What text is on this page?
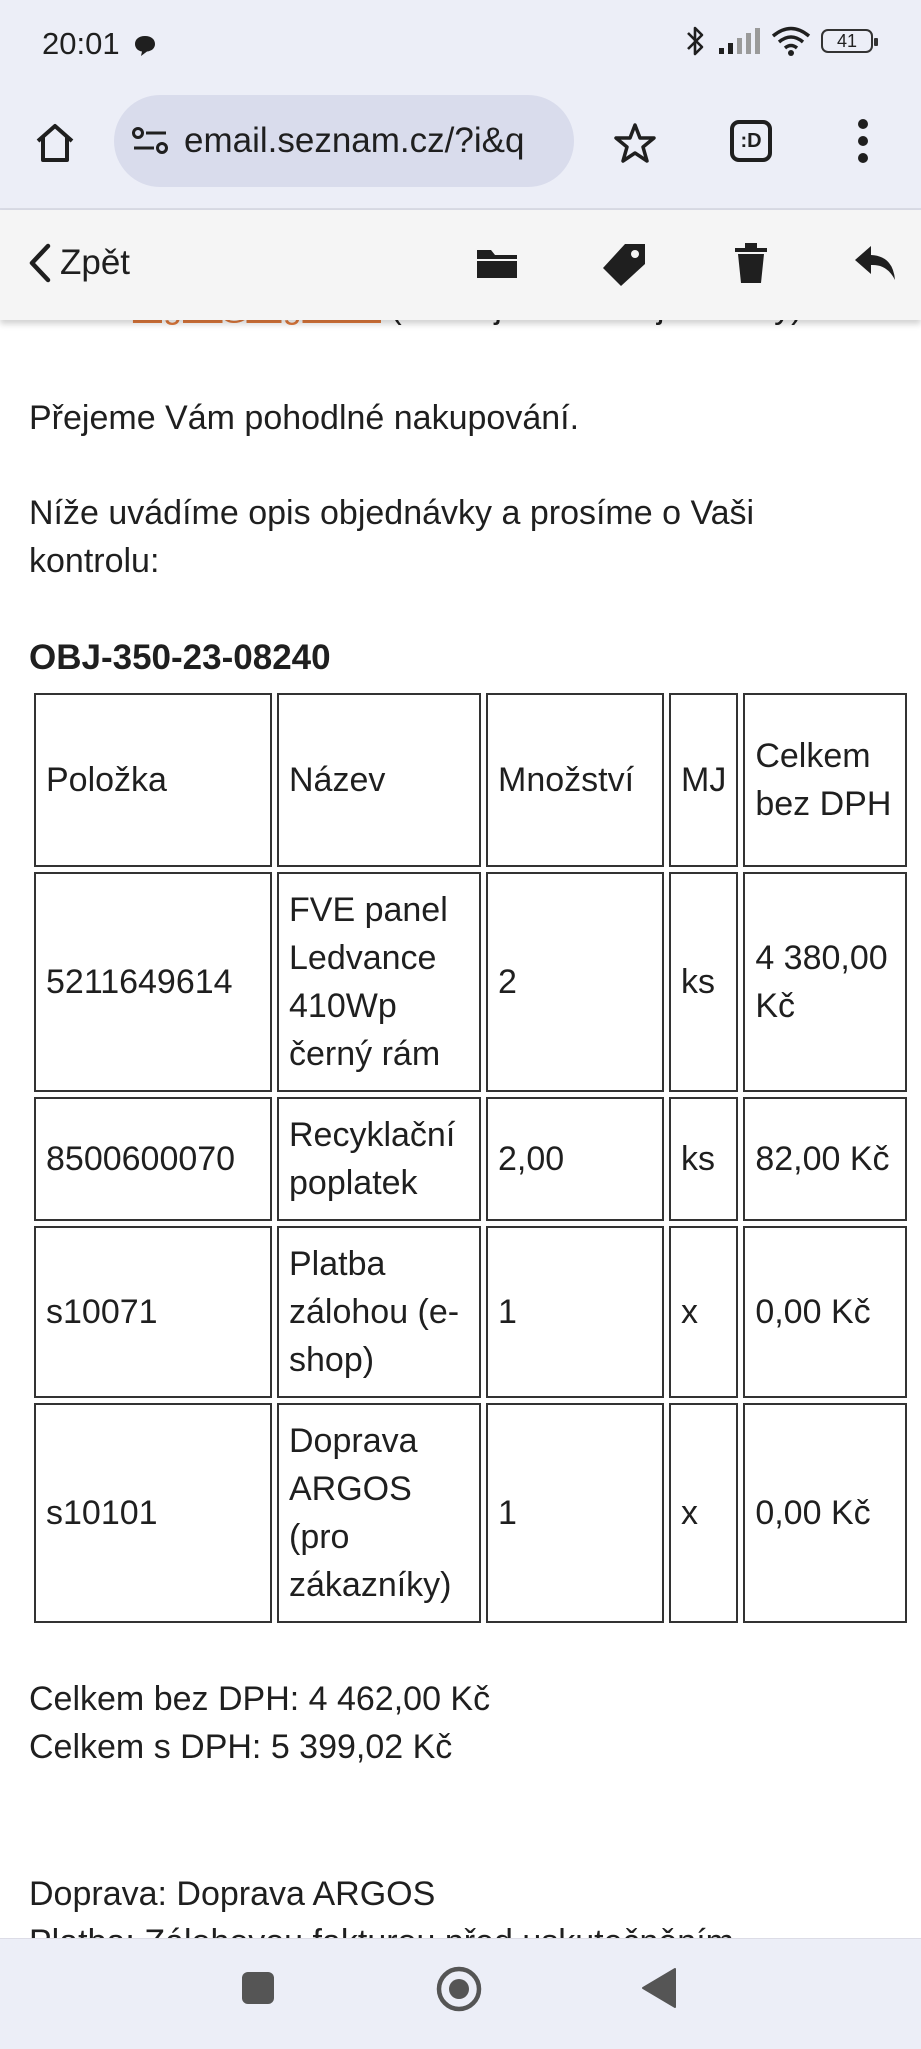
20:01	41
email.seznam.cz/?i&q	:D
Zpět
Přejeme Vám pohodlné nakupování.
Níže uvádíme opis objednávky a prosíme o Vaši kontrolu:
OBJ-350-23-08240
Položka	Název	Množství	MJ	Celkem bez DPH
5211649614	FVE panel Ledvance 410Wp černý rám	2	ks	4 380,00 Kč
8500600070	Recyklační poplatek	2,00	ks	82,00 Kč
s10071	Platba zálohou (e-shop)	1	x	0,00 Kč
s10101	Doprava ARGOS (pro zákazníky)	1	x	0,00 Kč
Celkem bez DPH: 4 462,00 Kč
Celkem s DPH: 5 399,02 Kč
Doprava: Doprava ARGOS
